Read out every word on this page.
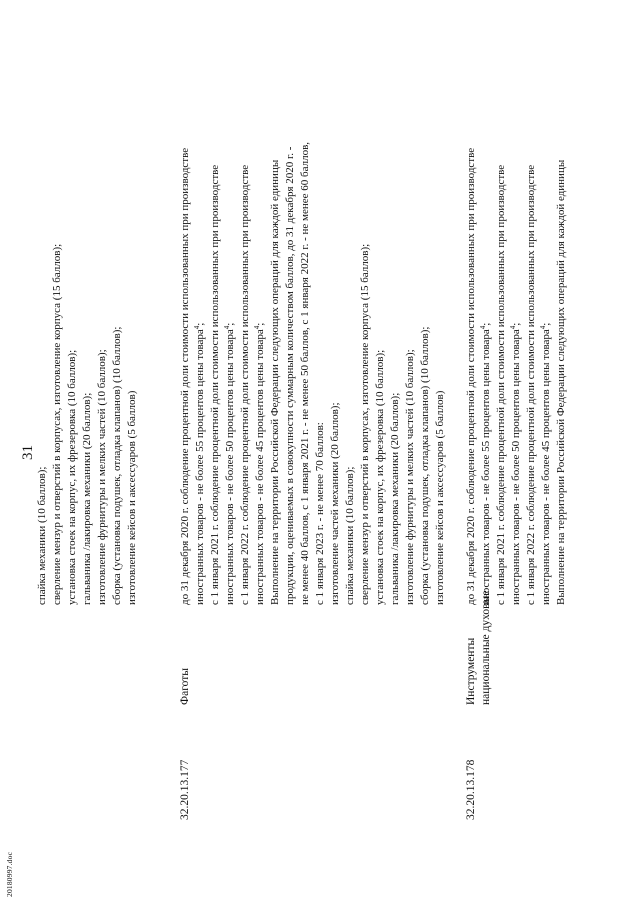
31
спайка механики (10 баллов); сверление мензур и отверстий в корпусах, изготовление корпуса (15 баллов); установка стоек на корпус, их фрезеровка (10 баллов); гальваника /лакировка механики (20 баллов); изготовление фурнитуры и мелких частей (10 баллов); сборка (установка подушек, отладка клапанов) (10 баллов); изготовление кейсов и аксессуаров (5 баллов)
32.20.13.177
Фаготы
до 31 декабря 2020 г. соблюдение процентной доли стоимости использованных при производстве иностранных товаров - не более 55 процентов цены товара$^4$; с 1 января 2021 г. соблюдение процентной доли стоимости использованных при производстве иностранных товаров - не более 50 процентов цены товара$^4$; с 1 января 2022 г. соблюдение процентной доли стоимости использованных при производстве иностранных товаров - не более 45 процентов цены товара$^4$; Выполнение на территории Российской Федерации следующих операций для каждой единицы продукции, оцениваемых в совокупности суммарным количеством баллов, до 31 декабря 2020 г. - не менее 40 баллов, с 1 января 2021 г. - не менее 50 баллов, с 1 января 2022 г. - не менее 60 баллов, с 1 января 2023 г. - не менее 70 баллов: изготовление частей механики (20 баллов); спайка механики (10 баллов); сверление мензур и отверстий в корпусах, изготовление корпуса (15 баллов); установка стоек на корпус, их фрезеровка (10 баллов); гальваника /лакировка механики (20 баллов); изготовление фурнитуры и мелких частей (10 баллов); сборка (установка подушек, отладка клапанов) (10 баллов); изготовление кейсов и аксессуаров (5 баллов)
32.20.13.178
Инструменты национальные духовые
до 31 декабря 2020 г. соблюдение процентной доли стоимости использованных при производстве иностранных товаров - не более 55 процентов цены товара$^4$; с 1 января 2021 г. соблюдение процентной доли стоимости использованных при производстве иностранных товаров - не более 50 процентов цены товара$^4$; с 1 января 2022 г. соблюдение процентной доли стоимости использованных при производстве иностранных товаров - не более 45 процентов цены товара$^4$; Выполнение на территории Российской Федерации следующих операций для каждой единицы
20180997.doc
